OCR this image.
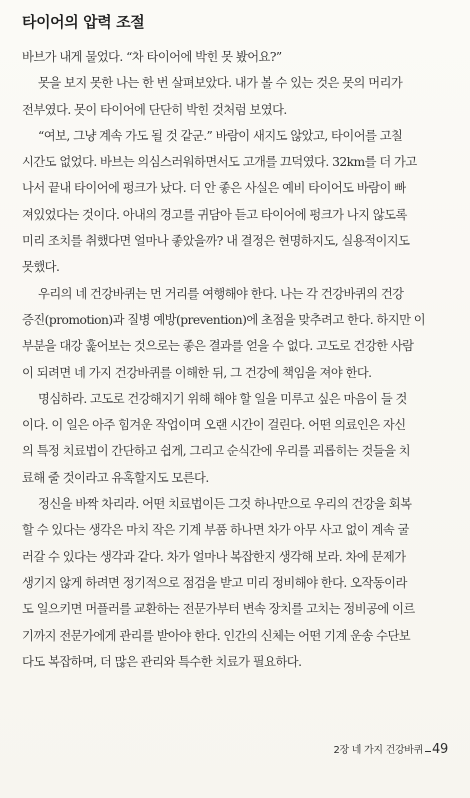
타이어의 압력 조절
바브가 내게 물었다. “차 타이어에 박힌 못 봤어요?”
못을 보지 못한 나는 한 번 살펴보았다. 내가 볼 수 있는 것은 못의 머리가
전부였다. 못이 타이어에 단단히 박힌 것처럼 보였다.
“여보, 그냥 계속 가도 될 것 같군.” 바람이 새지도 않았고, 타이어를 고칠
시간도 없었다. 바브는 의심스러워하면서도 고개를 끄덕였다. 32km를 더 가고
나서 끝내 타이어에 펑크가 났다. 더 안 좋은 사실은 예비 타이어도 바람이 빠
져있었다는 것이다. 아내의 경고를 귀담아 듣고 타이어에 펑크가 나지 않도록
미리 조치를 취했다면 얼마나 좋았을까? 내 결정은 현명하지도, 실용적이지도
못했다.
우리의 네 건강바퀴는 먼 거리를 여행해야 한다. 나는 각 건강바퀴의 건강
증진(promotion)과 질병 예방(prevention)에 초점을 맞추려고 한다. 하지만 이
부분을 대강 훑어보는 것으로는 좋은 결과를 얻을 수 없다. 고도로 건강한 사람
이 되려면 네 가지 건강바퀴를 이해한 뒤, 그 건강에 책임을 져야 한다.
명심하라. 고도로 건강해지기 위해 해야 할 일을 미루고 싶은 마음이 들 것
이다. 이 일은 아주 힘겨운 작업이며 오랜 시간이 걸린다. 어떤 의료인은 자신
의 특정 치료법이 간단하고 쉽게, 그리고 순식간에 우리를 괴롭히는 것들을 치
료해 줄 것이라고 유혹할지도 모른다.
정신을 바짝 차리라. 어떤 치료법이든 그것 하나만으로 우리의 건강을 회복
할 수 있다는 생각은 마치 작은 기계 부품 하나면 차가 아무 사고 없이 계속 굴
러갈 수 있다는 생각과 같다. 차가 얼마나 복잡한지 생각해 보라. 차에 문제가
생기지 않게 하려면 정기적으로 점검을 받고 미리 정비해야 한다. 오작동이라
도 일으키면 머플러를 교환하는 전문가부터 변속 장치를 고치는 정비공에 이르
기까지 전문가에게 관리를 받아야 한다. 인간의 신체는 어떤 기계 운송 수단보
다도 복잡하며, 더 많은 관리와 특수한 치료가 필요하다.
2장 네 가지 건강바퀴 49
